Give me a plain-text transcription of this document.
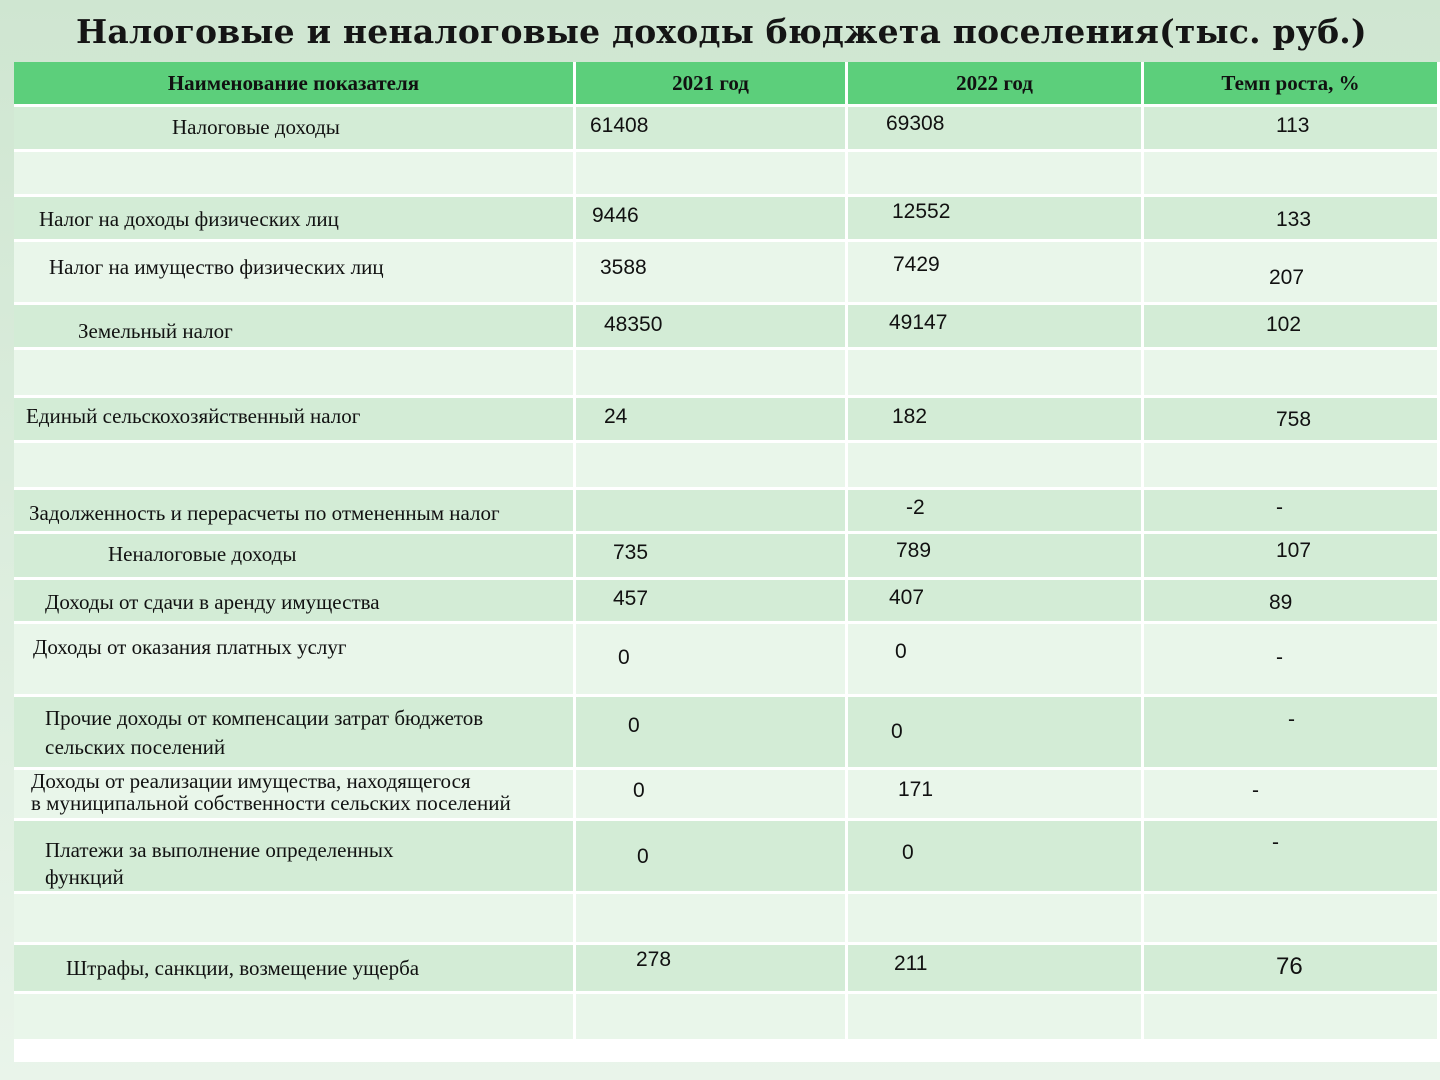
Налоговые и неналоговые доходы бюджета поселения(тыс. руб.)
Наименование показателя	2021 год	2022 год	Темп роста, %

Налоговые доходы	61408	69308	113

Налог на доходы физических лиц	9446	12552	133

Налог на имущество физических лиц	3588	7429	207

Земельный налог	48350	49147	102

Единый сельскохозяйственный налог	24	182	758

Задолженность и перерасчеты по отмененным налог		-2	-

Неналоговые доходы	735	789	107

Доходы от сдачи в аренду имущества	457	407	89

Доходы от оказания платных услуг	0	0	-

Прочие доходы от компенсации затрат бюджетов
сельских поселений	0	0	-

Доходы от реализации имущества, находящегося
в муниципальной собственности сельских поселений	0	171	-

Платежи за выполнение определенных
функций	0	0	-

Штрафы, санкции, возмещение ущерба	278	211	76
